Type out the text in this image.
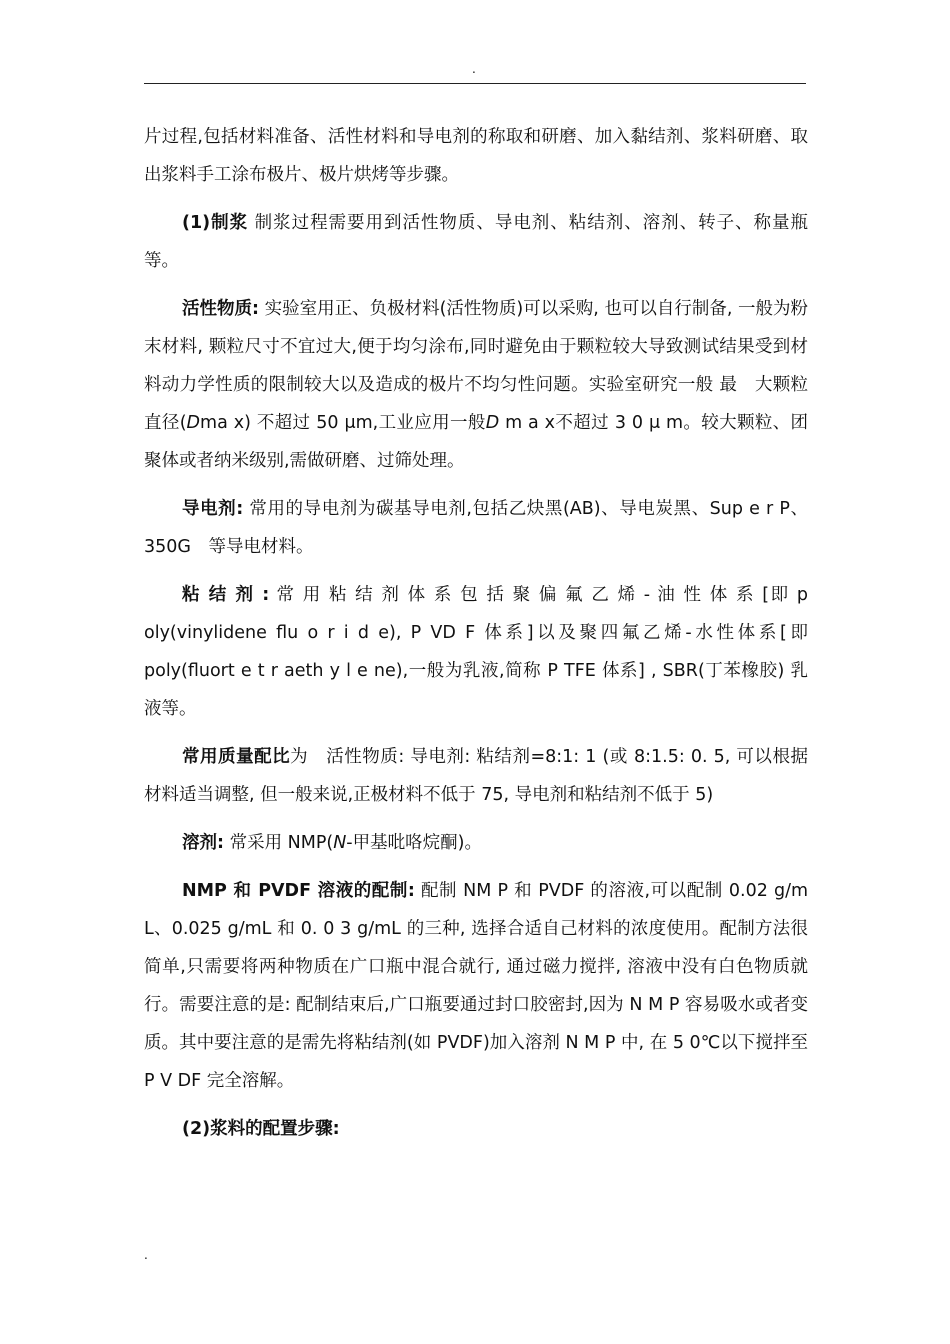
.

片过程,包括材料准备、活性材料和导电剂的称取和研磨、加入黏结剂、浆料研磨、取出浆料手工涂布极片、极片烘烤等步骤。

(1)制浆 制浆过程需要用到活性物质、导电剂、粘结剂、溶剂、转子、称量瓶等。

活性物质: 实验室用正、负极材料(活性物质)可以采购, 也可以自行制备, 一般为粉末材料, 颗粒尺寸不宜过大,便于均匀涂布,同时避免由于颗粒较大导致测试结果受到材料动力学性质的限制较大以及造成的极片不均匀性问题。实验室研究一般 最　大颗粒直径(Dma x) 不超过 50 μm,工业应用一般D m a x不超过 3 0 μ m。较大颗粒、团聚体或者纳米级别,需做研磨、过筛处理。

导电剂: 常用的导电剂为碳基导电剂,包括乙炔黑(AB)、导电炭黑、Sup e r P、350G　等导电材料。

粘 结 剂 : 常 用 粘 结 剂 体 系 包 括 聚 偏 氟 乙 烯 - 油 性 体 系 [即 p oly(vinylidene flu o r i d e), P VD F 体系]以及聚四氟乙烯-水性体系[即 poly(fluort e t r aeth y l e ne),一般为乳液,简称 P TFE 体系] , SBR(丁苯橡胶) 乳液等。

常用质量配比为　活性物质: 导电剂: 粘结剂=8:1: 1 (或 8:1.5: 0. 5, 可以根据材料适当调整, 但一般来说,正极材料不低于 75, 导电剂和粘结剂不低于 5)

溶剂: 常采用 NMP(N-甲基吡咯烷酮)。

NMP 和 PVDF 溶液的配制: 配制 NM P 和 PVDF 的溶液,可以配制 0.02 g/m L、0.025 g/mL 和 0. 0 3 g/mL 的三种, 选择合适自己材料的浓度使用。配制方法很简单,只需要将两种物质在广口瓶中混合就行, 通过磁力搅拌, 溶液中没有白色物质就行。需要注意的是: 配制结束后,广口瓶要通过封口胶密封,因为 N M P 容易吸水或者变质。其中要注意的是需先将粘结剂(如 PVDF)加入溶剂 N M P 中, 在 5 0℃以下搅拌至 P V DF 完全溶解。

(2)浆料的配置步骤:

.
